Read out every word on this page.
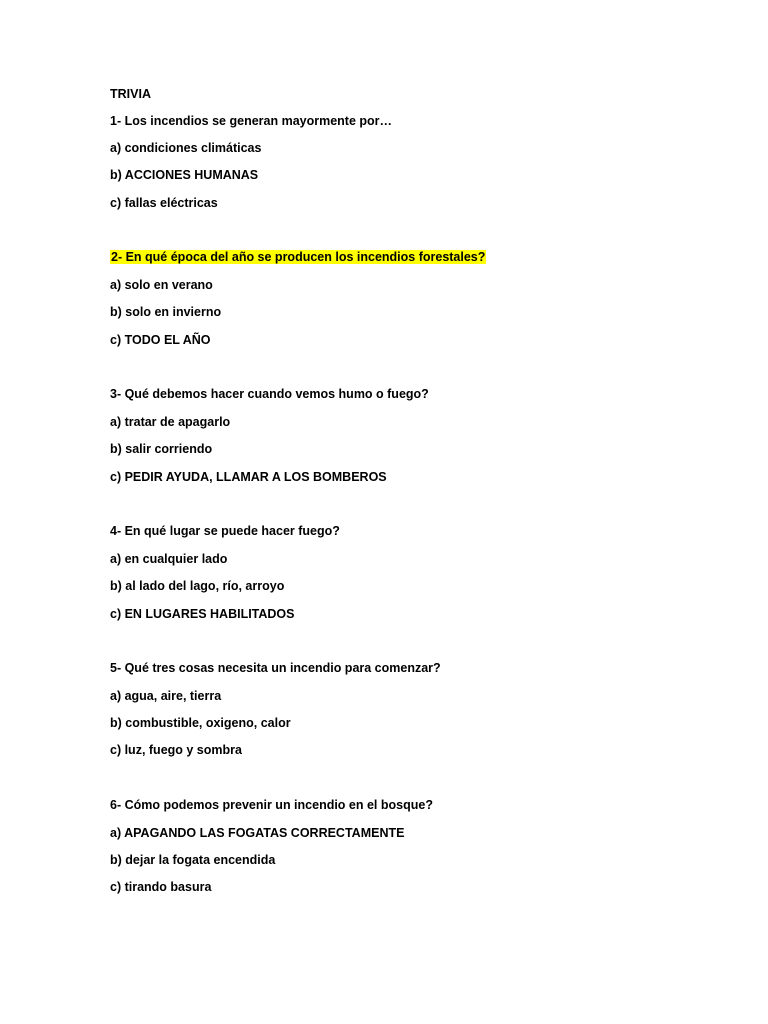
TRIVIA
1- Los incendios se generan mayormente por…
a) condiciones climáticas
b) ACCIONES HUMANAS
c) fallas eléctricas
2- En qué época del año se producen los incendios forestales?
a) solo en verano
b) solo en invierno
c) TODO EL AÑO
3- Qué debemos hacer cuando vemos humo o fuego?
a) tratar de apagarlo
b) salir corriendo
c) PEDIR AYUDA, LLAMAR A LOS BOMBEROS
4- En qué lugar se puede hacer fuego?
a) en cualquier lado
b) al lado del lago, río, arroyo
c) EN LUGARES HABILITADOS
5- Qué tres cosas necesita un incendio para comenzar?
a) agua, aire, tierra
b) combustible, oxigeno, calor
c) luz, fuego y sombra
6- Cómo podemos prevenir un incendio en el bosque?
a) APAGANDO LAS FOGATAS CORRECTAMENTE
b) dejar la fogata encendida
c) tirando basura
